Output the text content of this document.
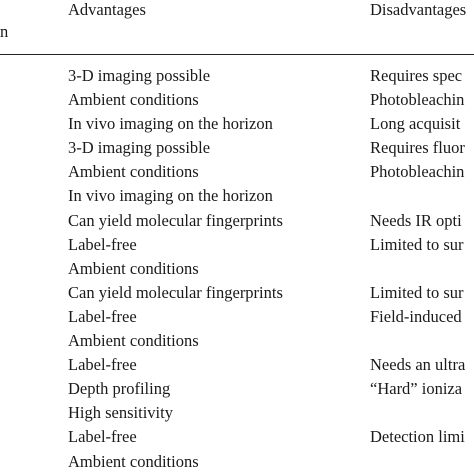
Advantages	Disadvantages
n
3-D imaging possible	Requires spec
Ambient conditions	Photobleachin
In vivo imaging on the horizon	Long acquisit
3-D imaging possible	Requires fluor
Ambient conditions	Photobleachin
In vivo imaging on the horizon
Can yield molecular fingerprints	Needs IR opti
Label-free	Limited to sur
Ambient conditions
Can yield molecular fingerprints	Limited to sur
Label-free	Field-induced
Ambient conditions
Label-free	Needs an ultra
Depth profiling	“Hard” ioniza
High sensitivity
Label-free	Detection limi
Ambient conditions
